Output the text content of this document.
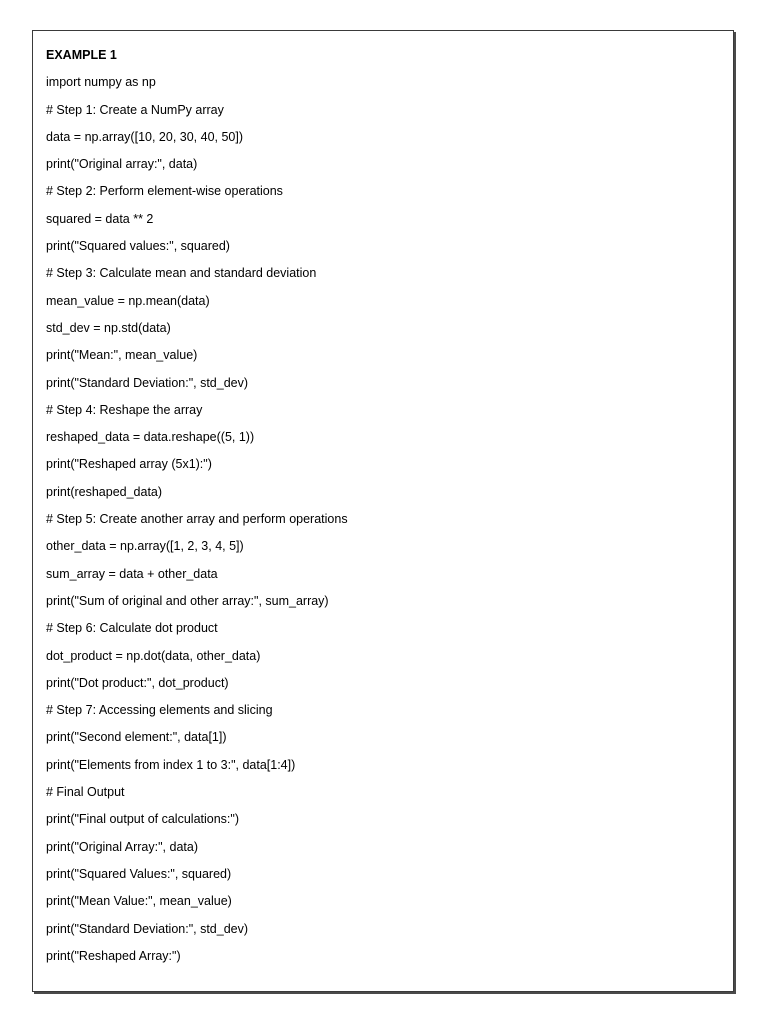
EXAMPLE 1
import numpy as np
# Step 1: Create a NumPy array
data = np.array([10, 20, 30, 40, 50])
print("Original array:", data)
# Step 2: Perform element-wise operations
squared = data ** 2
print("Squared values:", squared)
# Step 3: Calculate mean and standard deviation
mean_value = np.mean(data)
std_dev = np.std(data)
print("Mean:", mean_value)
print("Standard Deviation:", std_dev)
# Step 4: Reshape the array
reshaped_data = data.reshape((5, 1))
print("Reshaped array (5x1):")
print(reshaped_data)
# Step 5: Create another array and perform operations
other_data = np.array([1, 2, 3, 4, 5])
sum_array = data + other_data
print("Sum of original and other array:", sum_array)
# Step 6: Calculate dot product
dot_product = np.dot(data, other_data)
print("Dot product:", dot_product)
# Step 7: Accessing elements and slicing
print("Second element:", data[1])
print("Elements from index 1 to 3:", data[1:4])
# Final Output
print("Final output of calculations:")
print("Original Array:", data)
print("Squared Values:", squared)
print("Mean Value:", mean_value)
print("Standard Deviation:", std_dev)
print("Reshaped Array:")
